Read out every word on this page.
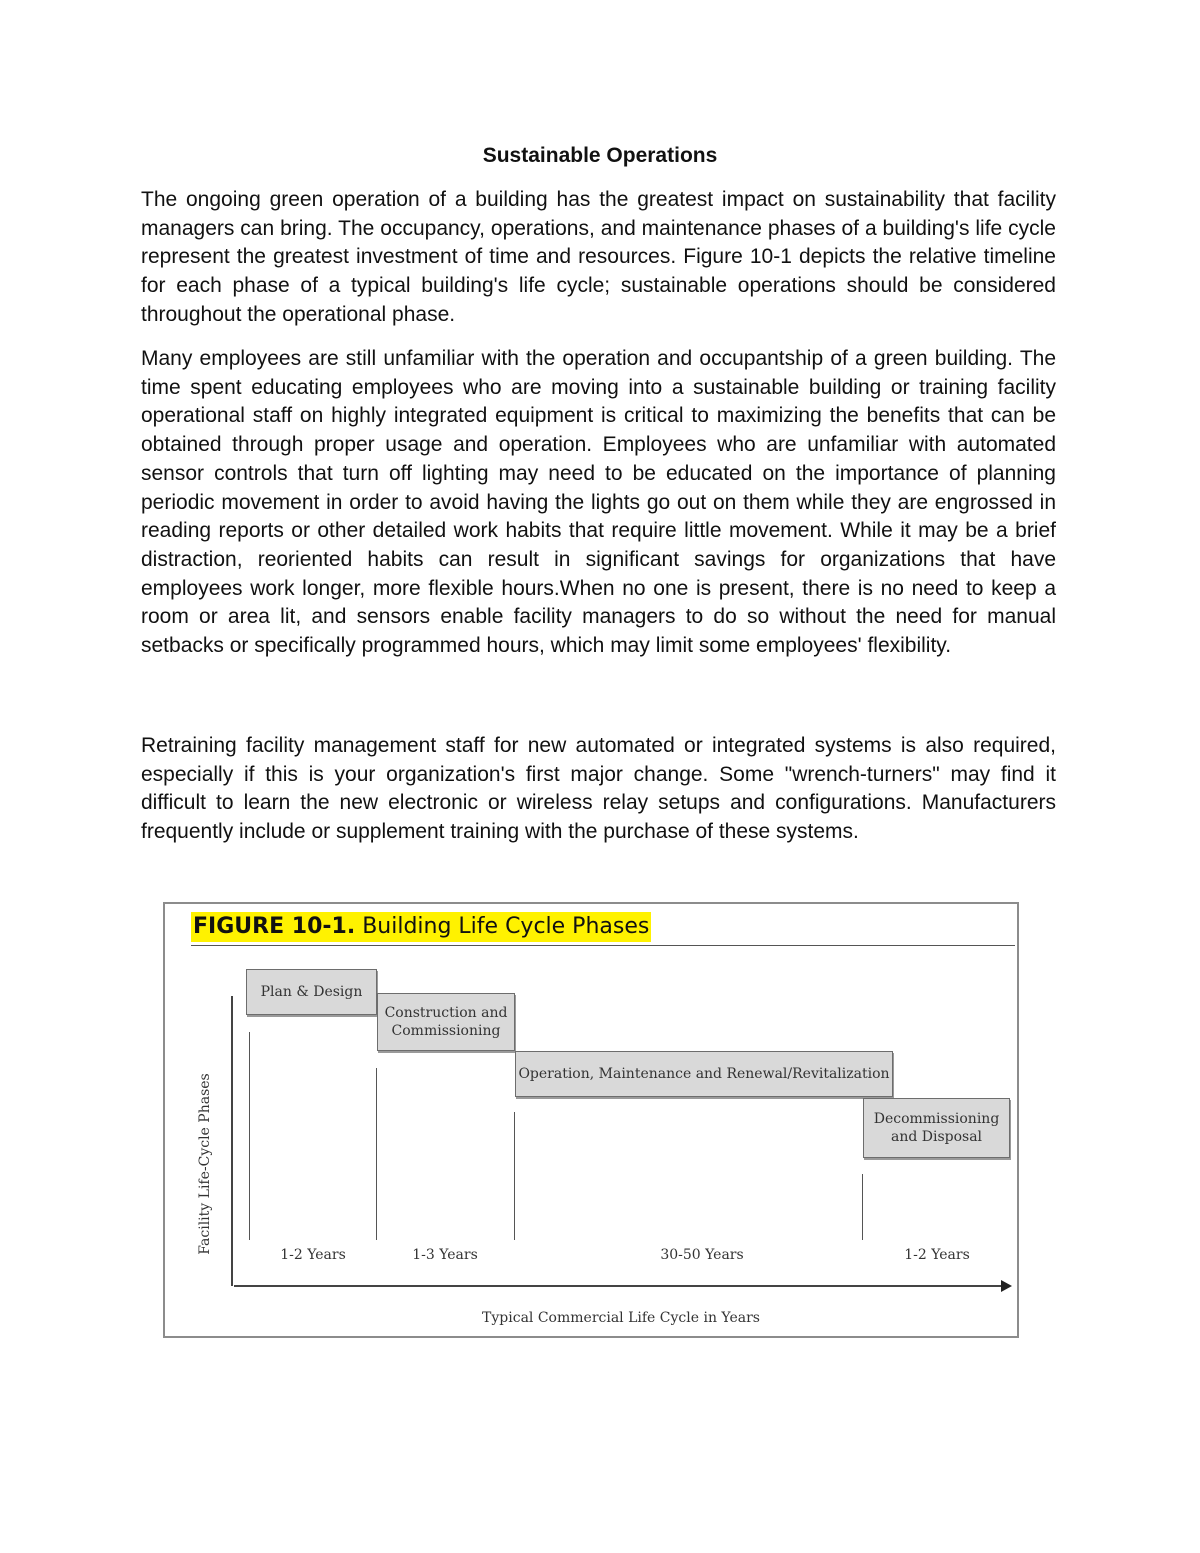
Sustainable Operations

The ongoing green operation of a building has the greatest impact on sustainability that facility managers can bring. The occupancy, operations, and maintenance phases of a building's life cycle represent the greatest investment of time and resources. Figure 10-1 depicts the relative timeline for each phase of a typical building's life cycle; sustainable operations should be considered throughout the operational phase.

Many employees are still unfamiliar with the operation and occupantship of a green building. The time spent educating employees who are moving into a sustainable building or training facility operational staff on highly integrated equipment is critical to maximizing the benefits that can be obtained through proper usage and operation. Employees who are unfamiliar with automated sensor controls that turn off lighting may need to be educated on the importance of planning periodic movement in order to avoid having the lights go out on them while they are engrossed in reading reports or other detailed work habits that require little movement. While it may be a brief distraction, reoriented habits can result in significant savings for organizations that have employees work longer, more flexible hours.When no one is present, there is no need to keep a room or area lit, and sensors enable facility managers to do so without the need for manual setbacks or specifically programmed hours, which may limit some employees' flexibility.

Retraining facility management staff for new automated or integrated systems is also required, especially if this is your organization's first major change. Some "wrench-turners" may find it difficult to learn the new electronic or wireless relay setups and configurations. Manufacturers frequently include or supplement training with the purchase of these systems.

FIGURE 10-1. Building Life Cycle Phases
Plan & Design
Construction and Commissioning
Operation, Maintenance and Renewal/Revitalization
Decommissioning and Disposal
Facility Life-Cycle Phases
1-2 Years	1-3 Years	30-50 Years	1-2 Years
Typical Commercial Life Cycle in Years
